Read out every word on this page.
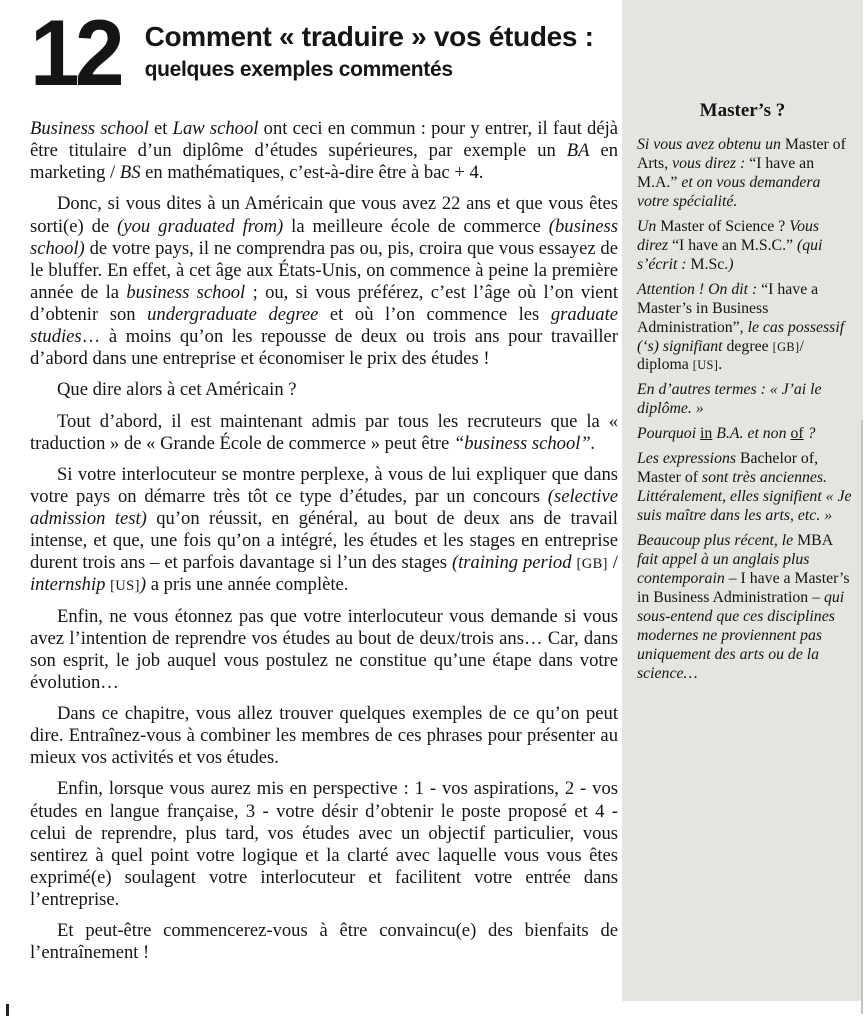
12 Comment « traduire » vos études :
quelques exemples commentés

Business school et Law school ont ceci en commun : pour y entrer, il faut déjà être titulaire d’un diplôme d’études supérieures, par exemple un BA en marketing / BS en mathématiques, c’est-à-dire être à bac + 4.

Donc, si vous dites à un Américain que vous avez 22 ans et que vous êtes sorti(e) de (you graduated from) la meilleure école de commerce (business school) de votre pays, il ne comprendra pas ou, pis, croira que vous essayez de le bluffer. En effet, à cet âge aux États-Unis, on commence à peine la première année de la business school ; ou, si vous préférez, c’est l’âge où l’on vient d’obtenir son undergraduate degree et où l’on commence les graduate studies… à moins qu’on les repousse de deux ou trois ans pour travailler d’abord dans une entreprise et économiser le prix des études !

Que dire alors à cet Américain ?

Tout d’abord, il est maintenant admis par tous les recruteurs que la « traduction » de « Grande École de commerce » peut être “business school”.

Si votre interlocuteur se montre perplexe, à vous de lui expliquer que dans votre pays on démarre très tôt ce type d’études, par un concours (selective admission test) qu’on réussit, en général, au bout de deux ans de travail intense, et que, une fois qu’on a intégré, les études et les stages en entreprise durent trois ans – et parfois davantage si l’un des stages (training period [GB] / internship [US]) a pris une année complète.

Enfin, ne vous étonnez pas que votre interlocuteur vous demande si vous avez l’intention de reprendre vos études au bout de deux/trois ans… Car, dans son esprit, le job auquel vous postulez ne constitue qu’une étape dans votre évolution…

Dans ce chapitre, vous allez trouver quelques exemples de ce qu’on peut dire. Entraînez-vous à combiner les membres de ces phrases pour présenter au mieux vos activités et vos études.

Enfin, lorsque vous aurez mis en perspective : 1 - vos aspirations, 2 - vos études en langue française, 3 - votre désir d’obtenir le poste proposé et 4 - celui de reprendre, plus tard, vos études avec un objectif particulier, vous sentirez à quel point votre logique et la clarté avec laquelle vous vous êtes exprimé(e) soulagent votre interlocuteur et facilitent votre entrée dans l’entreprise.

Et peut-être commencerez-vous à être convaincu(e) des bienfaits de l’entraînement !

Master’s ?

Si vous avez obtenu un Master of Arts, vous direz : “I have an M.A.” et on vous demandera votre spécialité.

Un Master of Science ? Vous direz “I have an M.S.C.” (qui s’écrit : M.Sc.)

Attention ! On dit : “I have a Master’s in Business Administration”, le cas possessif (‘s) signifiant degree [GB]/ diploma [US].

En d’autres termes : « J’ai le diplôme. »

Pourquoi in B.A. et non of ?

Les expressions Bachelor of, Master of sont très anciennes. Littéralement, elles signifient « Je suis maître dans les arts, etc. »

Beaucoup plus récent, le MBA fait appel à un anglais plus contemporain – I have a Master’s in Business Administration – qui sous-entend que ces disciplines modernes ne proviennent pas uniquement des arts ou de la science…
